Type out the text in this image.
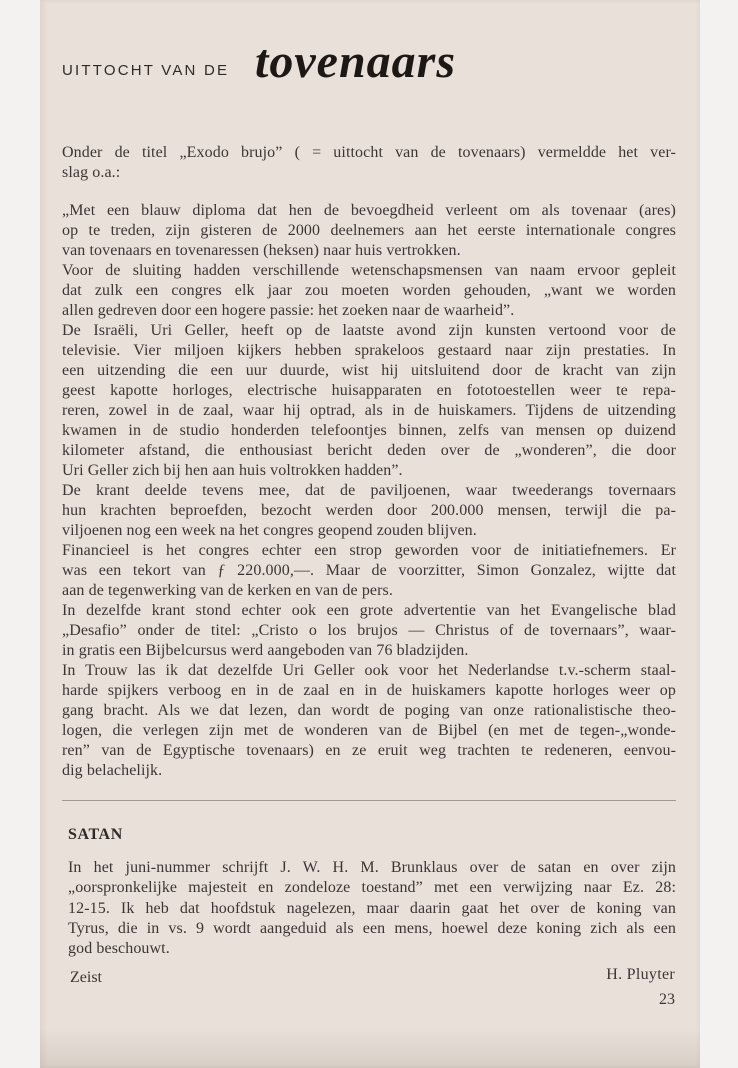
UITTOCHT VAN DE tovenaars
Onder de titel „Exodo brujo” ( = uittocht van de tovenaars) vermeldde het ver-
slag o.a.:
„Met een blauw diploma dat hen de bevoegdheid verleent om als tovenaar (ares)
op te treden, zijn gisteren de 2000 deelnemers aan het eerste internationale congres
van tovenaars en tovenaressen (heksen) naar huis vertrokken.
Voor de sluiting hadden verschillende wetenschapsmensen van naam ervoor gepleit
dat zulk een congres elk jaar zou moeten worden gehouden, „want we worden
allen gedreven door een hogere passie: het zoeken naar de waarheid”.
De Israëli, Uri Geller, heeft op de laatste avond zijn kunsten vertoond voor de
televisie. Vier miljoen kijkers hebben sprakeloos gestaard naar zijn prestaties. In
een uitzending die een uur duurde, wist hij uitsluitend door de kracht van zijn
geest kapotte horloges, electrische huisapparaten en fototoestellen weer te repa-
reren, zowel in de zaal, waar hij optrad, als in de huiskamers. Tijdens de uitzending
kwamen in de studio honderden telefoontjes binnen, zelfs van mensen op duizend
kilometer afstand, die enthousiast bericht deden over de „wonderen”, die door
Uri Geller zich bij hen aan huis voltrokken hadden”.
De krant deelde tevens mee, dat de paviljoenen, waar tweederangs tovernaars
hun krachten beproefden, bezocht werden door 200.000 mensen, terwijl die pa-
viljoenen nog een week na het congres geopend zouden blijven.
Financieel is het congres echter een strop geworden voor de initiatiefnemers. Er
was een tekort van ƒ 220.000,—. Maar de voorzitter, Simon Gonzalez, wijtte dat
aan de tegenwerking van de kerken en van de pers.
In dezelfde krant stond echter ook een grote advertentie van het Evangelische blad
„Desafio” onder de titel: „Cristo o los brujos — Christus of de tovernaars”, waar-
in gratis een Bijbelcursus werd aangeboden van 76 bladzijden.
In Trouw las ik dat dezelfde Uri Geller ook voor het Nederlandse t.v.-scherm staal-
harde spijkers verboog en in de zaal en in de huiskamers kapotte horloges weer op
gang bracht. Als we dat lezen, dan wordt de poging van onze rationalistische theo-
logen, die verlegen zijn met de wonderen van de Bijbel (en met de tegen-„wonde-
ren” van de Egyptische tovenaars) en ze eruit weg trachten te redeneren, eenvou-
dig belachelijk.
SATAN
In het juni-nummer schrijft J. W. H. M. Brunklaus over de satan en over zijn
„oorspronkelijke majesteit en zondeloze toestand” met een verwijzing naar Ez. 28:
12-15. Ik heb dat hoofdstuk nagelezen, maar daarin gaat het over de koning van
Tyrus, die in vs. 9 wordt aangeduid als een mens, hoewel deze koning zich als een
god beschouwt.
Zeist	H. Pluyter
23
